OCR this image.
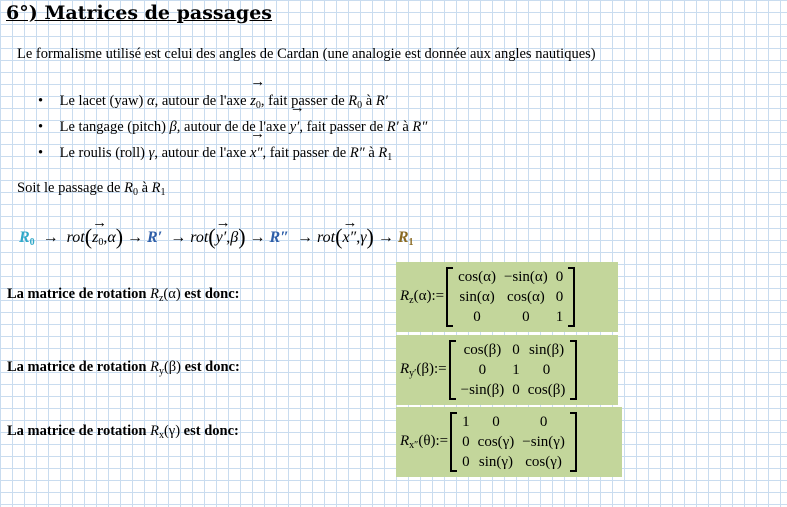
6°) Matrices de passages
Le formalisme utilisé est celui des angles de Cardan (une analogie est donnée aux angles nautiques)
• Le lacet (yaw) α, autour de $l'axe \to z_0$, fait passer de $R_0$ à R′
• Le tangage (pitch) β, autour de de l'axe → y′, fait passer de R′ à R″
• Le roulis (roll) γ, autour de l'axe → x″, fait passer de R″ à $R_1$
Soit le passage de $R_0$ à $R_1$
$R_0 \to rot(\to z_0,\alpha) \to R' \to rot(\to y',\beta) \to R'' \to rot(\to x'',\gamma) \to R_1$
La matrice de rotation $R_z(\alpha)$ est donc:	$R_z(\alpha):=$
cos(α) −sin(α) 0
sin(α) cos(α) 0
0	0	1
La matrice de rotation $R_y(\beta)$ est donc:	$R_{y'}(\beta):=$
cos(β) 0 sin(β)
0	1	0
−sin(β) 0 cos(β)
La matrice de rotation $R_x(\gamma)$ est donc:
$R_{x''}(\theta):=$
1	0	0
0 cos(γ) −sin(γ)
0 sin(γ) cos(γ)
